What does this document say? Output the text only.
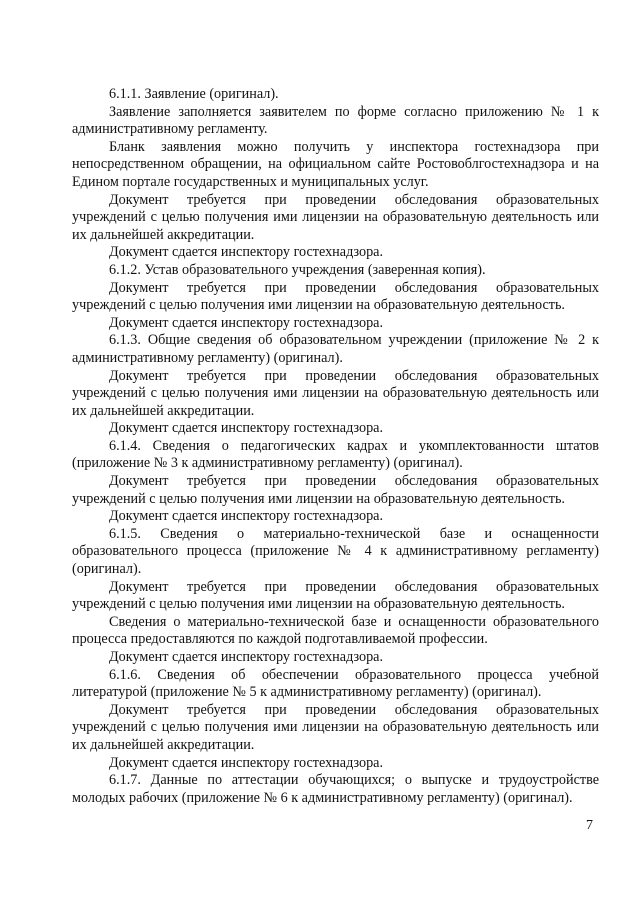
6.1.1. Заявление (оригинал).

Заявление заполняется заявителем по форме согласно приложению № 1 к административному регламенту.

Бланк заявления можно получить у инспектора гостехнадзора при непосредственном обращении, на официальном сайте Ростовоблгостехнадзора и на Едином портале государственных и муниципальных услуг.

Документ требуется при проведении обследования образовательных учреждений с целью получения ими лицензии на образовательную деятельность или их дальнейшей аккредитации.

Документ сдается инспектору гостехнадзора.

6.1.2. Устав образовательного учреждения (заверенная копия).

Документ требуется при проведении обследования образовательных учреждений с целью получения ими лицензии на образовательную деятельность.

Документ сдается инспектору гостехнадзора.

6.1.3. Общие сведения об образовательном учреждении (приложение № 2 к административному регламенту) (оригинал).

Документ требуется при проведении обследования образовательных учреждений с целью получения ими лицензии на образовательную деятельность или их дальнейшей аккредитации.

Документ сдается инспектору гостехнадзора.

6.1.4. Сведения о педагогических кадрах и укомплектованности штатов (приложение № 3 к административному регламенту) (оригинал).

Документ требуется при проведении обследования образовательных учреждений с целью получения ими лицензии на образовательную деятельность.

Документ сдается инспектору гостехнадзора.

6.1.5. Сведения о материально-технической базе и оснащенности образовательного процесса (приложение № 4 к административному регламенту) (оригинал).

Документ требуется при проведении обследования образовательных учреждений с целью получения ими лицензии на образовательную деятельность.

Сведения о материально-технической базе и оснащенности образовательного процесса предоставляются по каждой подготавливаемой профессии.

Документ сдается инспектору гостехнадзора.

6.1.6. Сведения об обеспечении образовательного процесса учебной литературой (приложение № 5 к административному регламенту) (оригинал).

Документ требуется при проведении обследования образовательных учреждений с целью получения ими лицензии на образовательную деятельность или их дальнейшей аккредитации.

Документ сдается инспектору гостехнадзора.

6.1.7. Данные по аттестации обучающихся; о выпуске и трудоустройстве молодых рабочих (приложение № 6 к административному регламенту) (оригинал).

7
